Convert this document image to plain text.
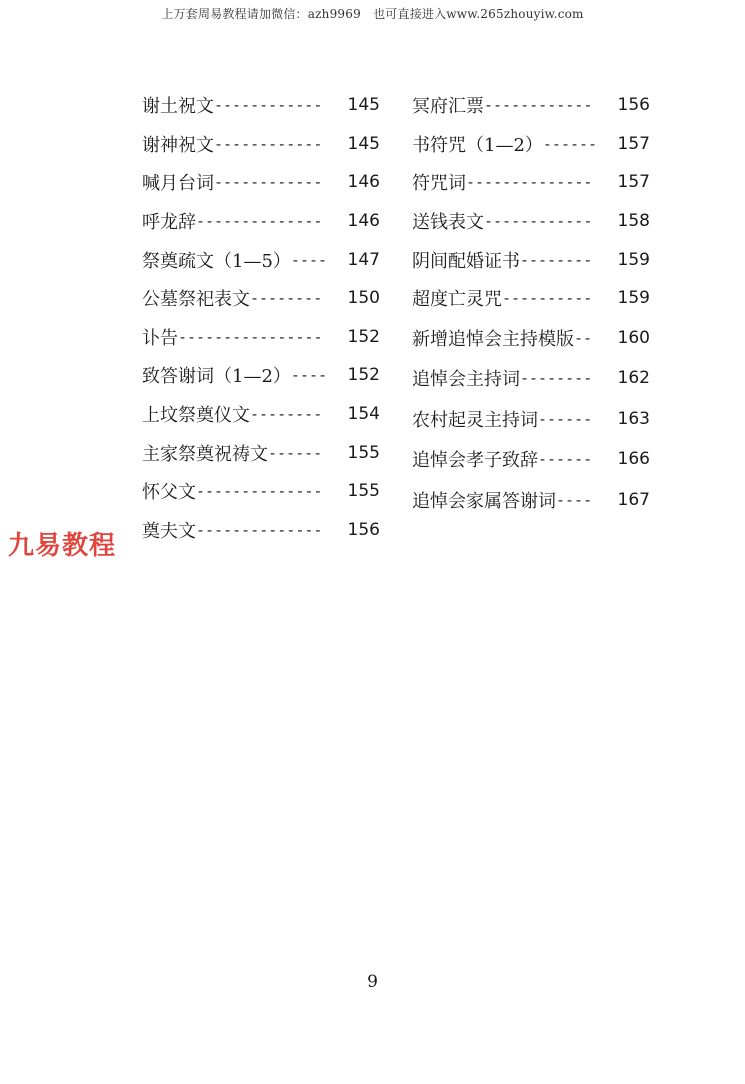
上万套周易教程请加微信：azh9969　也可直接进入www.265zhouyiw.com
谢土祝文 ------------	145
谢神祝文 ------------	145
喊月台词 ------------	146
呼龙辞 --------------	146
祭奠疏文（1—5） ----	147
公墓祭祀表文 --------	150
讣告 ----------------	152
致答谢词（1—2） ----	152
上坟祭奠仪文 --------	154
主家祭奠祝祷文 ------	155
怀父文 --------------	155
奠夫文 --------------	156
冥府汇票 ------------	156
书符咒（1—2） ------	157
符咒词 --------------	157
送钱表文 ------------	158
阴间配婚证书 --------	159
超度亡灵咒 ----------	159
新增追悼会主持模版 --	160
追悼会主持词 --------	162
农村起灵主持词 ------	163
追悼会孝子致辞 ------	166
追悼会家属答谢词 ----	167
九易教程
9
